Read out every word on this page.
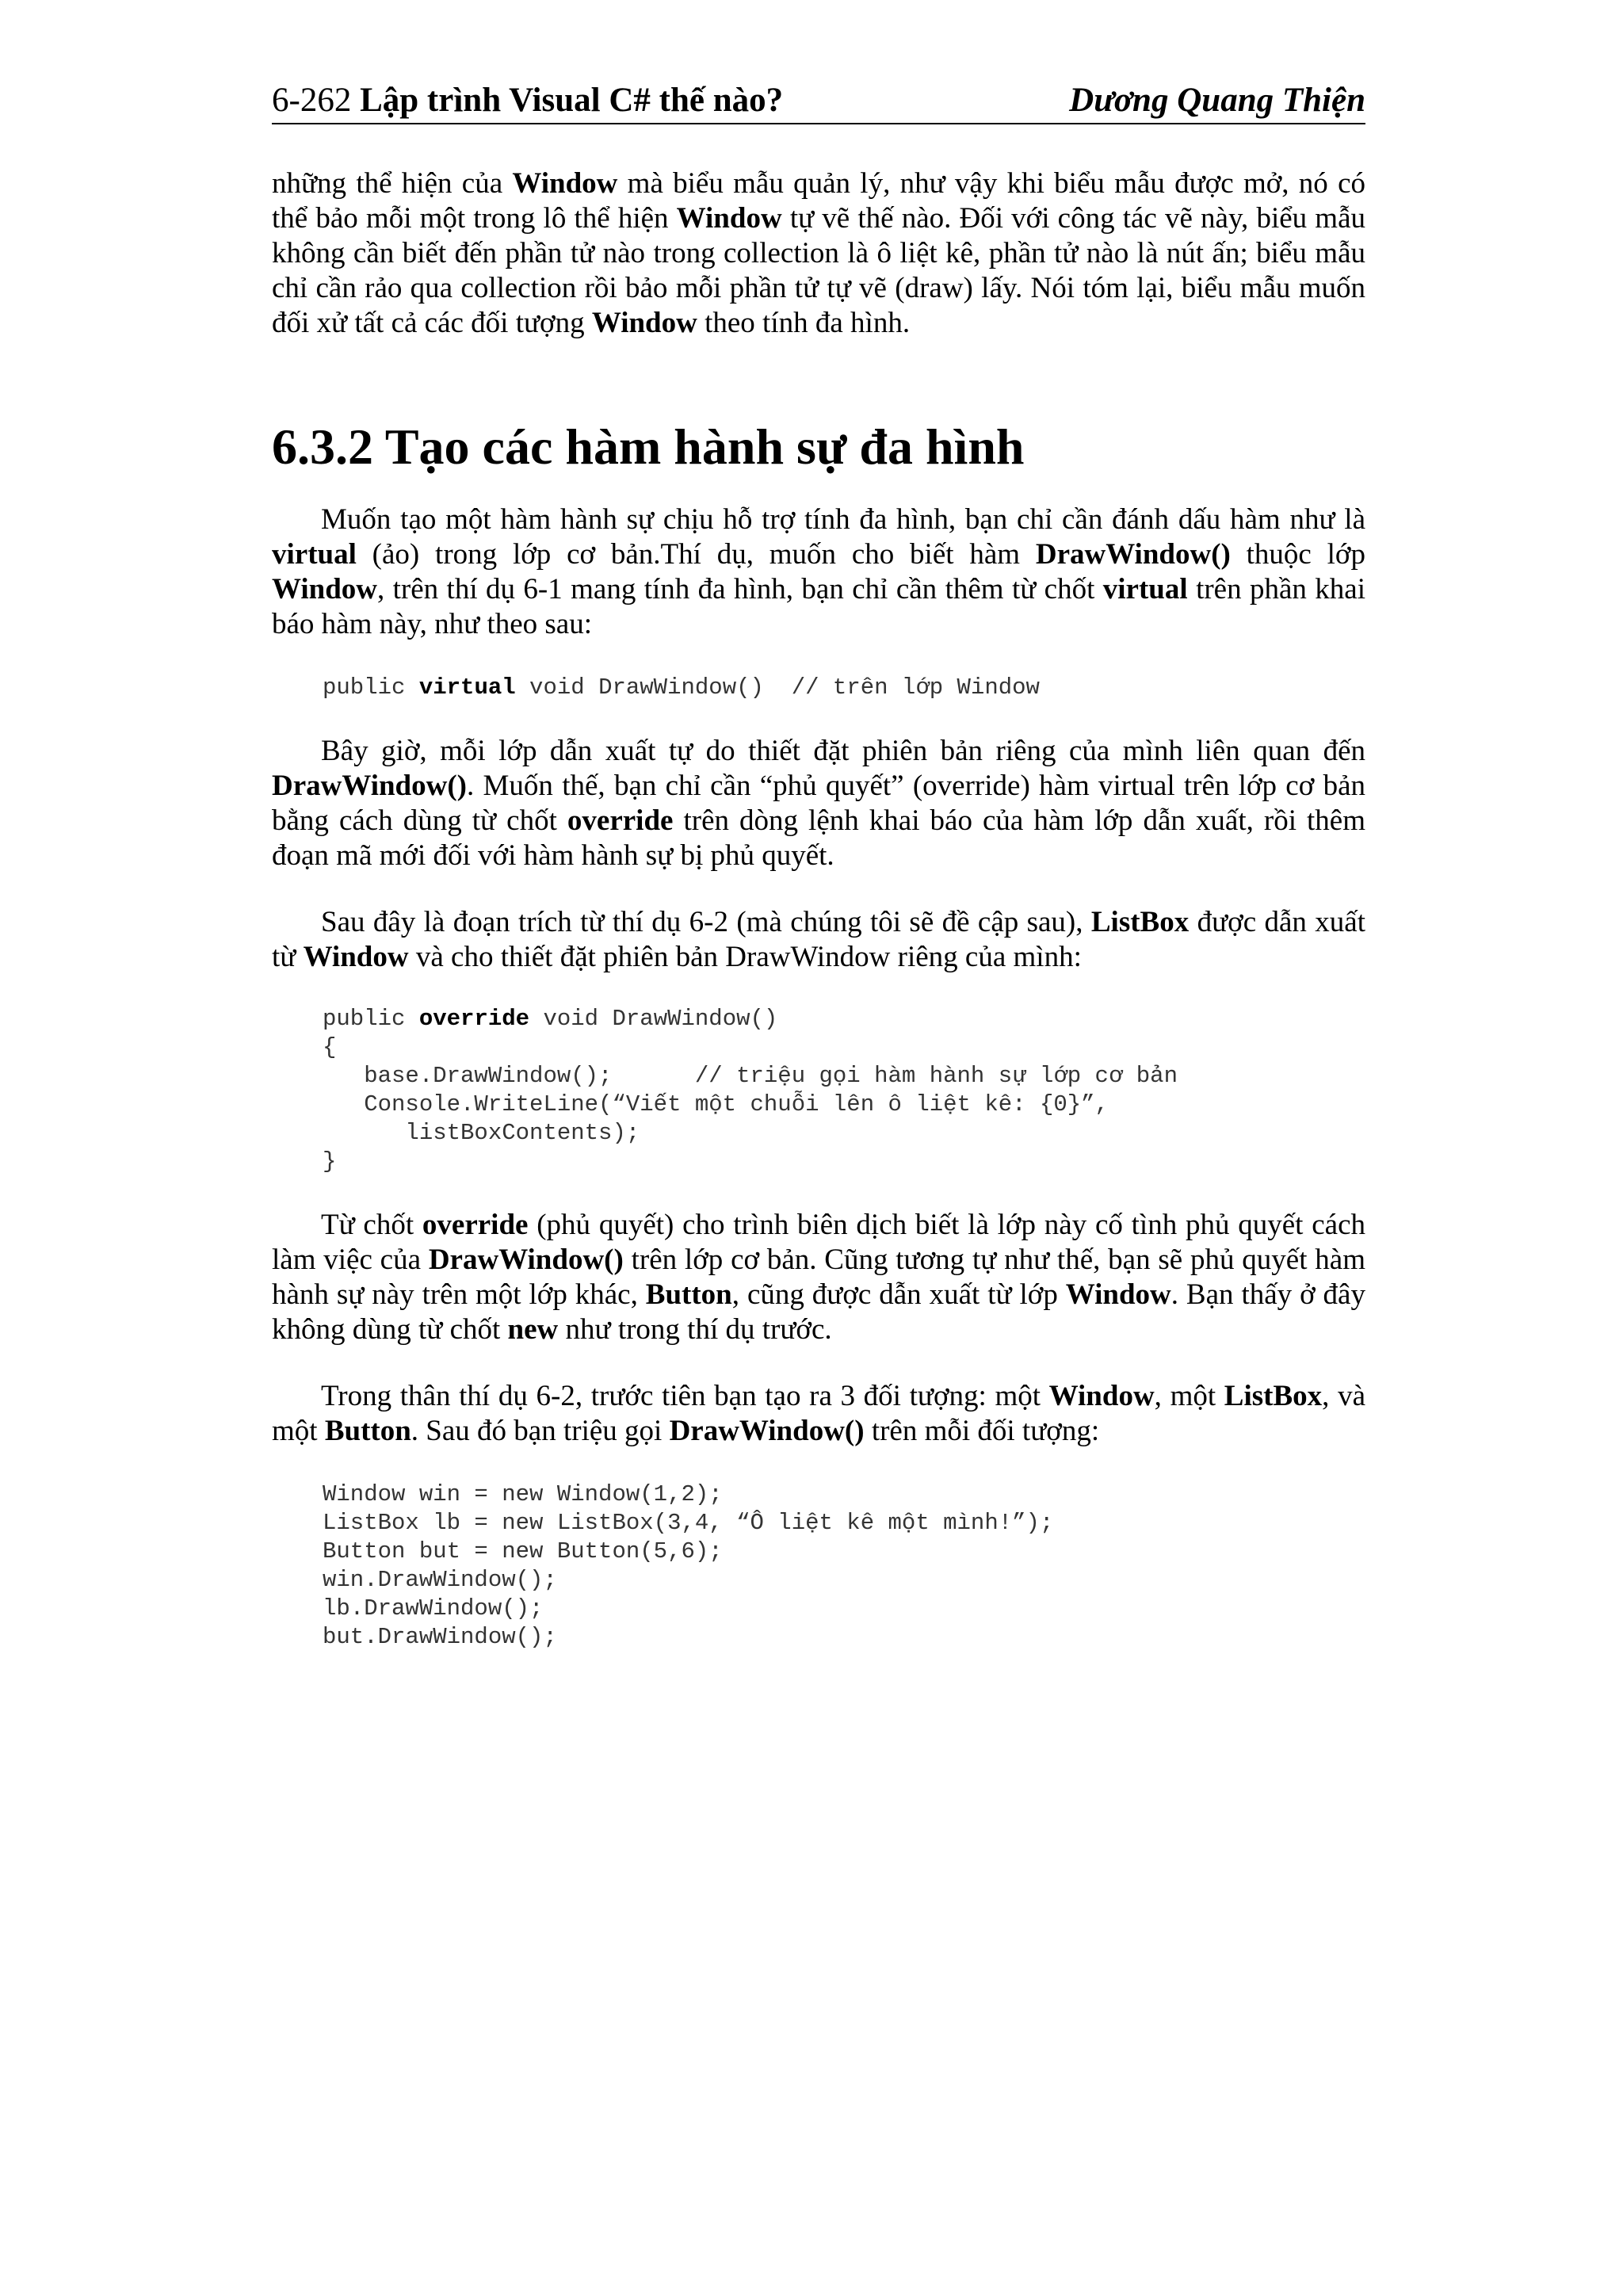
6-262 Lập trình Visual C# thế nào?	Dương Quang Thiện

những thể hiện của Window mà biểu mẫu quản lý, như vậy khi biểu mẫu được mở, nó có thể bảo mỗi một trong lô thể hiện Window tự vẽ thế nào. Đối với công tác vẽ này, biểu mẫu không cần biết đến phần tử nào trong collection là ô liệt kê, phần tử nào là nút ấn; biểu mẫu chỉ cần rảo qua collection rồi bảo mỗi phần tử tự vẽ (draw) lấy. Nói tóm lại, biểu mẫu muốn đối xử tất cả các đối tượng Window theo tính đa hình.

6.3.2 Tạo các hàm hành sự đa hình

Muốn tạo một hàm hành sự chịu hỗ trợ tính đa hình, bạn chỉ cần đánh dấu hàm như là virtual (ảo) trong lớp cơ bản.Thí dụ, muốn cho biết hàm DrawWindow() thuộc lớp Window, trên thí dụ 6-1 mang tính đa hình, bạn chỉ cần thêm từ chốt virtual trên phần khai báo hàm này, như theo sau:

public virtual void DrawWindow()  // trên lớp Window

Bây giờ, mỗi lớp dẫn xuất tự do thiết đặt phiên bản riêng của mình liên quan đến DrawWindow(). Muốn thế, bạn chỉ cần “phủ quyết” (override) hàm virtual trên lớp cơ bản bằng cách dùng từ chốt override trên dòng lệnh khai báo của hàm lớp dẫn xuất, rồi thêm đoạn mã mới đối với hàm hành sự bị phủ quyết.

Sau đây là đoạn trích từ thí dụ 6-2 (mà chúng tôi sẽ đề cập sau), ListBox được dẫn xuất từ Window và cho thiết đặt phiên bản DrawWindow riêng của mình:

public override void DrawWindow()
{
base.DrawWindow();      // triệu gọi hàm hành sự lớp cơ bản
Console.WriteLine(“Viết một chuỗi lên ô liệt kê: {0}”,
listBoxContents);
}

Từ chốt override (phủ quyết) cho trình biên dịch biết là lớp này cố tình phủ quyết cách làm việc của DrawWindow() trên lớp cơ bản. Cũng tương tự như thế, bạn sẽ phủ quyết hàm hành sự này trên một lớp khác, Button, cũng được dẫn xuất từ lớp Window. Bạn thấy ở đây không dùng từ chốt new như trong thí dụ trước.

Trong thân thí dụ 6-2, trước tiên bạn tạo ra 3 đối tượng: một Window, một ListBox, và một Button. Sau đó bạn triệu gọi DrawWindow() trên mỗi đối tượng:

Window win = new Window(1,2);
ListBox lb = new ListBox(3,4, “Ô liệt kê một mình!”);
Button but = new Button(5,6);
win.DrawWindow();
lb.DrawWindow();
but.DrawWindow();
